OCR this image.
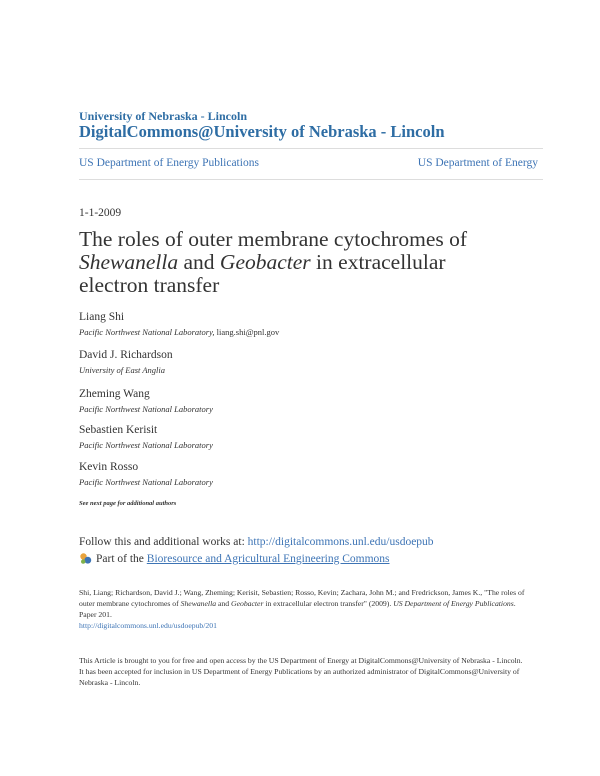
University of Nebraska - Lincoln
DigitalCommons@University of Nebraska - Lincoln
US Department of Energy Publications	US Department of Energy
1-1-2009
The roles of outer membrane cytochromes of Shewanella and Geobacter in extracellular electron transfer
Liang Shi
Pacific Northwest National Laboratory, liang.shi@pnl.gov
David J. Richardson
University of East Anglia
Zheming Wang
Pacific Northwest National Laboratory
Sebastien Kerisit
Pacific Northwest National Laboratory
Kevin Rosso
Pacific Northwest National Laboratory
See next page for additional authors
Follow this and additional works at: http://digitalcommons.unl.edu/usdoepub
Part of the
Bioresource and Agricultural Engineering Commons
Shi, Liang; Richardson, David J.; Wang, Zheming; Kerisit, Sebastien; Rosso, Kevin; Zachara, John M.; and Fredrickson, James K., "The roles of outer membrane cytochromes of Shewanella and Geobacter in extracellular electron transfer" (2009). US Department of Energy Publications. Paper 201.
http://digitalcommons.unl.edu/usdoepub/201
This Article is brought to you for free and open access by the US Department of Energy at DigitalCommons@University of Nebraska - Lincoln. It has been accepted for inclusion in US Department of Energy Publications by an authorized administrator of DigitalCommons@University of Nebraska - Lincoln.
